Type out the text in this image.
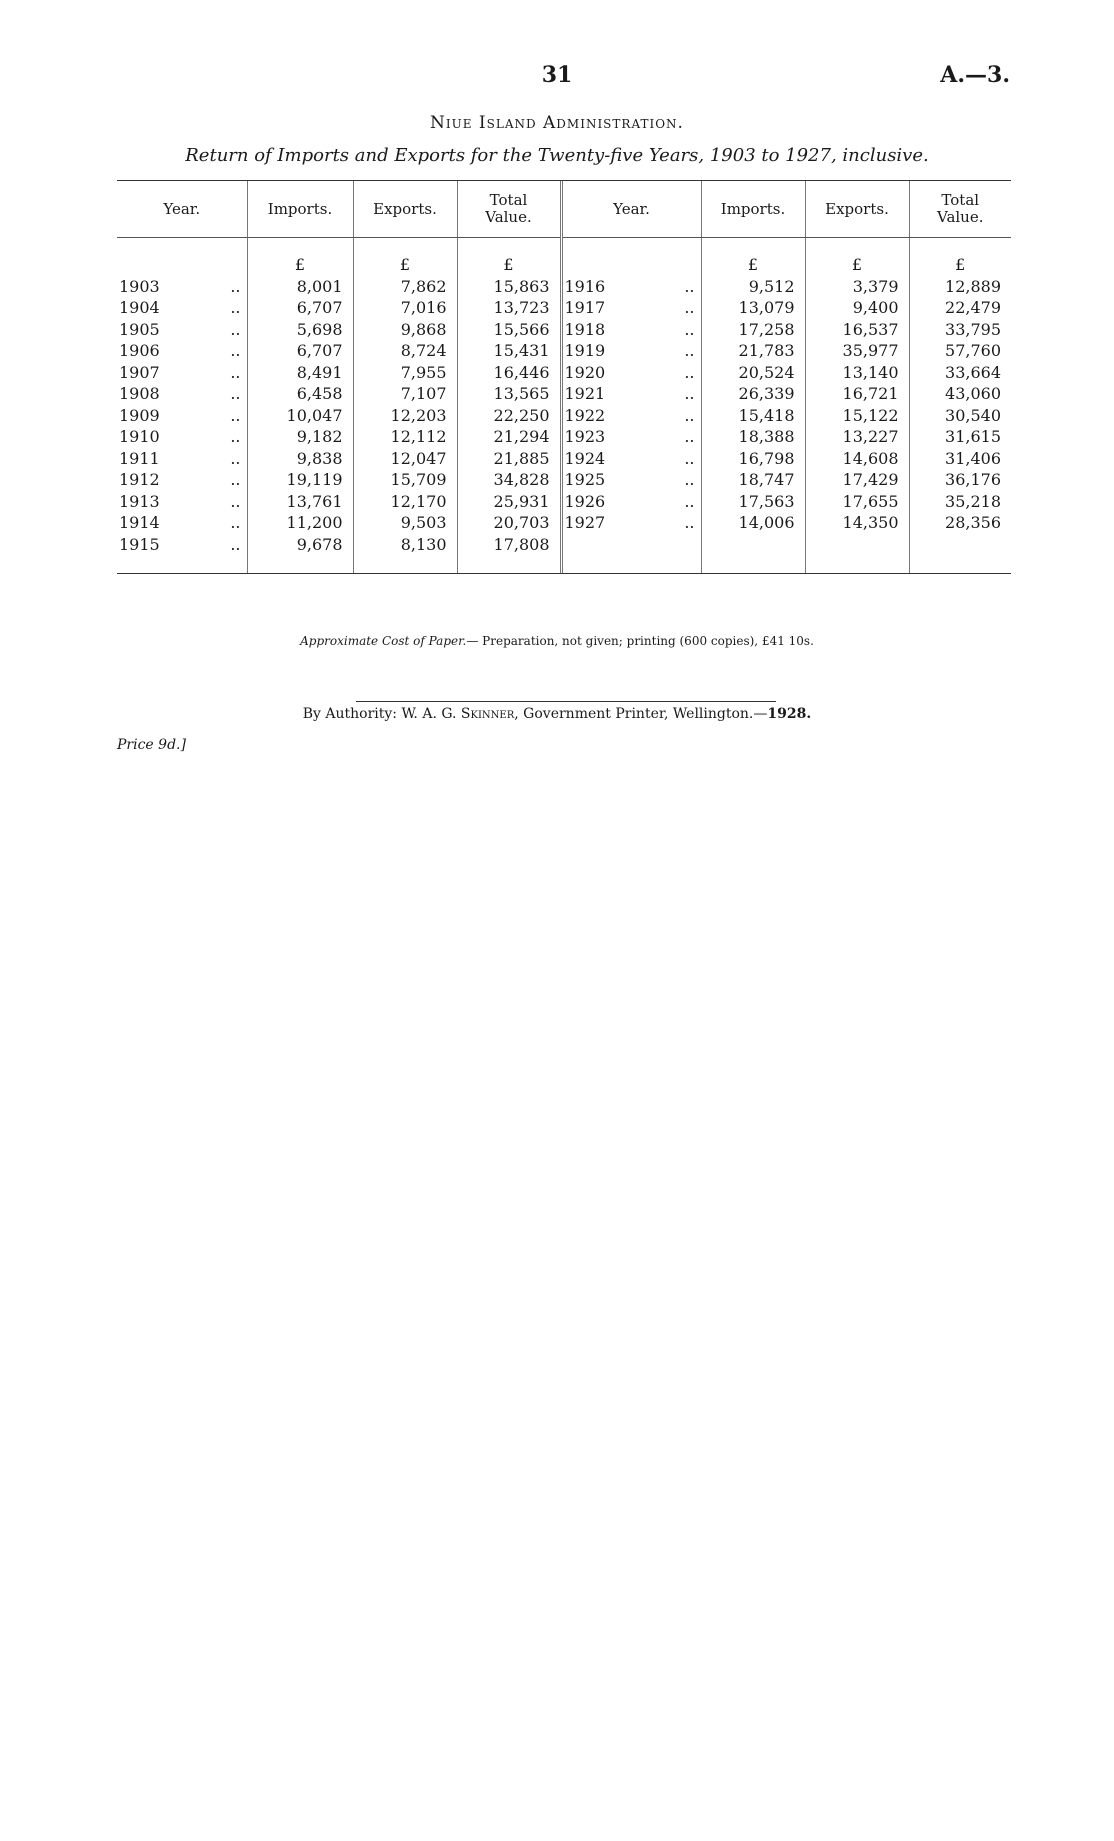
31	A.—3.
Niue Island Administration.
Return of Imports and Exports for the Twenty-five Years, 1903 to 1927, inclusive.
Year.		Imports.	Exports.	Total
Value.	Year.		Imports.	Exports.	Total
Value.
		£	£	£			£	£	£
1903	..	8,001	7,862	15,863	1916	..	9,512	3,379	12,889
1904	..	6,707	7,016	13,723	1917	..	13,079	9,400	22,479
1905	..	5,698	9,868	15,566	1918	..	17,258	16,537	33,795
1906	..	6,707	8,724	15,431	1919	..	21,783	35,977	57,760
1907	..	8,491	7,955	16,446	1920	..	20,524	13,140	33,664
1908	..	6,458	7,107	13,565	1921	..	26,339	16,721	43,060
1909	..	10,047	12,203	22,250	1922	..	15,418	15,122	30,540
1910	..	9,182	12,112	21,294	1923	..	18,388	13,227	31,615
1911	..	9,838	12,047	21,885	1924	..	16,798	14,608	31,406
1912	..	19,119	15,709	34,828	1925	..	18,747	17,429	36,176
1913	..	13,761	12,170	25,931	1926	..	17,563	17,655	35,218
1914	..	11,200	9,503	20,703	1927	..	14,006	14,350	28,356
1915	..	9,678	8,130	17,808					

Approximate Cost of Paper.— Preparation, not given; printing (600 copies), £41 10s.
By Authority: W. A. G. Skinner, Government Printer, Wellington.—1928.
Price 9d.]
